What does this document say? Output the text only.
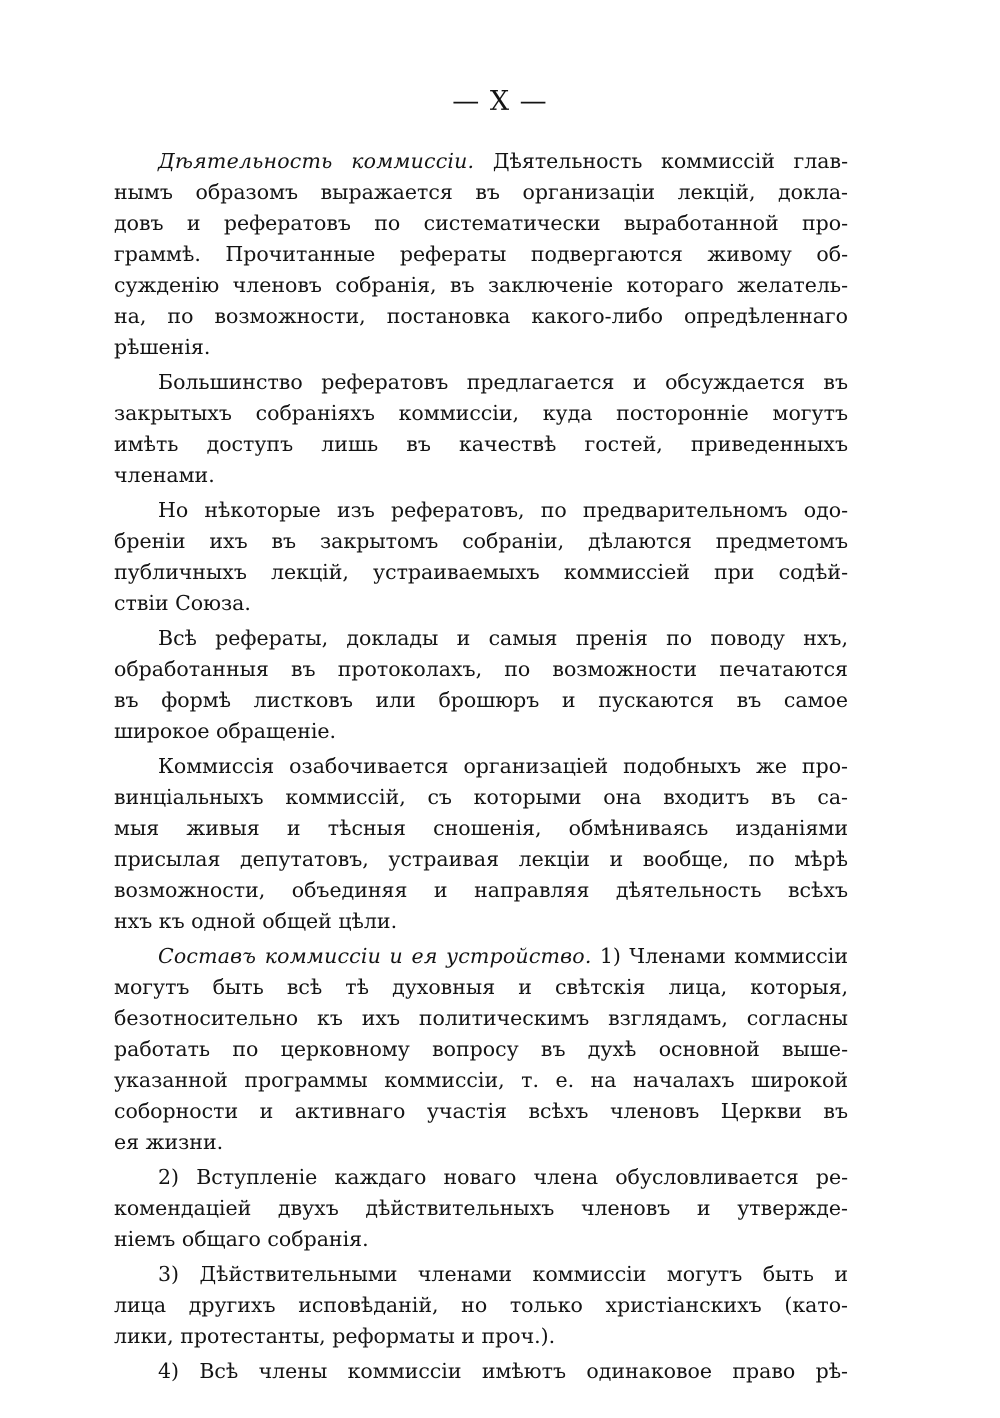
— X —
Дѣятельность коммиссіи. Дѣятельность коммиссій глав-
нымъ образомъ выражается въ организаціи лекцій, докла-
довъ и рефератовъ по систематически выработанной про-
граммѣ. Прочитанные рефераты подвергаются живому об-
сужденію членовъ собранія, въ заключеніе котораго желатель-
на, по возможности, постановка какого-либо опредѣленнаго
рѣшенія.
Большинство рефератовъ предлагается и обсуждается въ
закрытыхъ собраніяхъ коммиссіи, куда посторонніе могутъ
имѣть доступъ лишь въ качествѣ гостей, приведенныхъ
членами.
Но нѣкоторые изъ рефератовъ, по предварительномъ одо-
бреніи ихъ въ закрытомъ собраніи, дѣлаются предметомъ
публичныхъ лекцій, устраиваемыхъ коммиссіей при содѣй-
ствіи Союза.
Всѣ рефераты, доклады и самыя пренія по поводу нхъ,
обработанныя въ протоколахъ, по возможности печатаются
въ формѣ листковъ или брошюръ и пускаются въ самое
широкое обращеніе.
Коммиссія озабочивается организаціей подобныхъ же про-
винціальныхъ коммиссій, съ которыми она входитъ въ са-
мыя живыя и тѣсныя сношенія, обмѣниваясь изданіями
присылая депутатовъ, устраивая лекціи и вообще, по мѣрѣ
возможности, объединяя и направляя дѣятельность всѣхъ
нхъ къ одной общей цѣли.
Составъ коммиссіи и ея устройство. 1) Членами коммиссіи
могутъ быть всѣ тѣ духовныя и свѣтскія лица, которыя,
безотносительно къ ихъ политическимъ взглядамъ, согласны
работать по церковному вопросу въ духѣ основной выше-
указанной программы коммиссіи, т. е. на началахъ широкой
соборности и активнаго участія всѣхъ членовъ Церкви въ
ея жизни.
2) Вступленіе каждаго новаго члена обусловливается ре-
комендаціей двухъ дѣйствительныхъ членовъ и утвержде-
ніемъ общаго собранія.
3) Дѣйствительными членами коммиссіи могутъ быть и
лица другихъ исповѣданій, но только христіанскихъ (като-
лики, протестанты, реформаты и проч.).
4) Всѣ члены коммиссіи имѣютъ одинаковое право рѣ-
